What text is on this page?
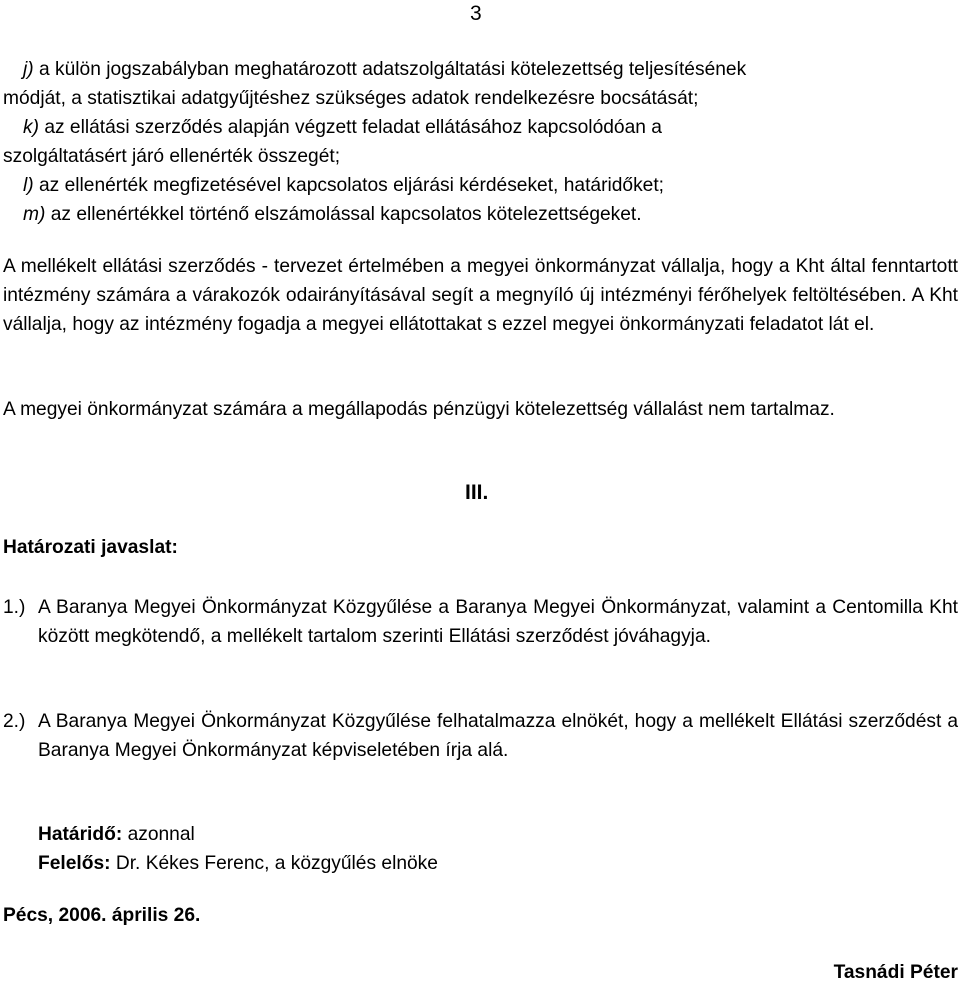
3
j) a külön jogszabályban meghatározott adatszolgáltatási kötelezettség teljesítésének
módját, a statisztikai adatgyűjtéshez szükséges adatok rendelkezésre bocsátását;
k) az ellátási szerződés alapján végzett feladat ellátásához kapcsolódóan a
szolgáltatásért járó ellenérték összegét;
l) az ellenérték megfizetésével kapcsolatos eljárási kérdéseket, határidőket;
m) az ellenértékkel történő elszámolással kapcsolatos kötelezettségeket.
A mellékelt ellátási szerződés - tervezet értelmében a megyei önkormányzat vállalja, hogy a Kht által fenntartott intézmény számára a várakozók odairányításával segít a megnyíló új intézményi férőhelyek feltöltésében. A Kht vállalja, hogy az intézmény fogadja a megyei ellátottakat s ezzel megyei önkormányzati feladatot lát el.
A megyei önkormányzat számára a megállapodás pénzügyi kötelezettség vállalást nem tartalmaz.
III.
Határozati javaslat:
1.) A Baranya Megyei Önkormányzat Közgyűlése a Baranya Megyei Önkormányzat, valamint a Centomilla Kht között megkötendő, a mellékelt tartalom szerinti Ellátási szerződést jóváhagyja.
2.) A Baranya Megyei Önkormányzat Közgyűlése felhatalmazza elnökét, hogy a mellékelt Ellátási szerződést a Baranya Megyei Önkormányzat képviseletében írja alá.
Határidő: azonnal
Felelős: Dr. Kékes Ferenc, a közgyűlés elnöke
Pécs, 2006. április 26.
Tasnádi Péter
